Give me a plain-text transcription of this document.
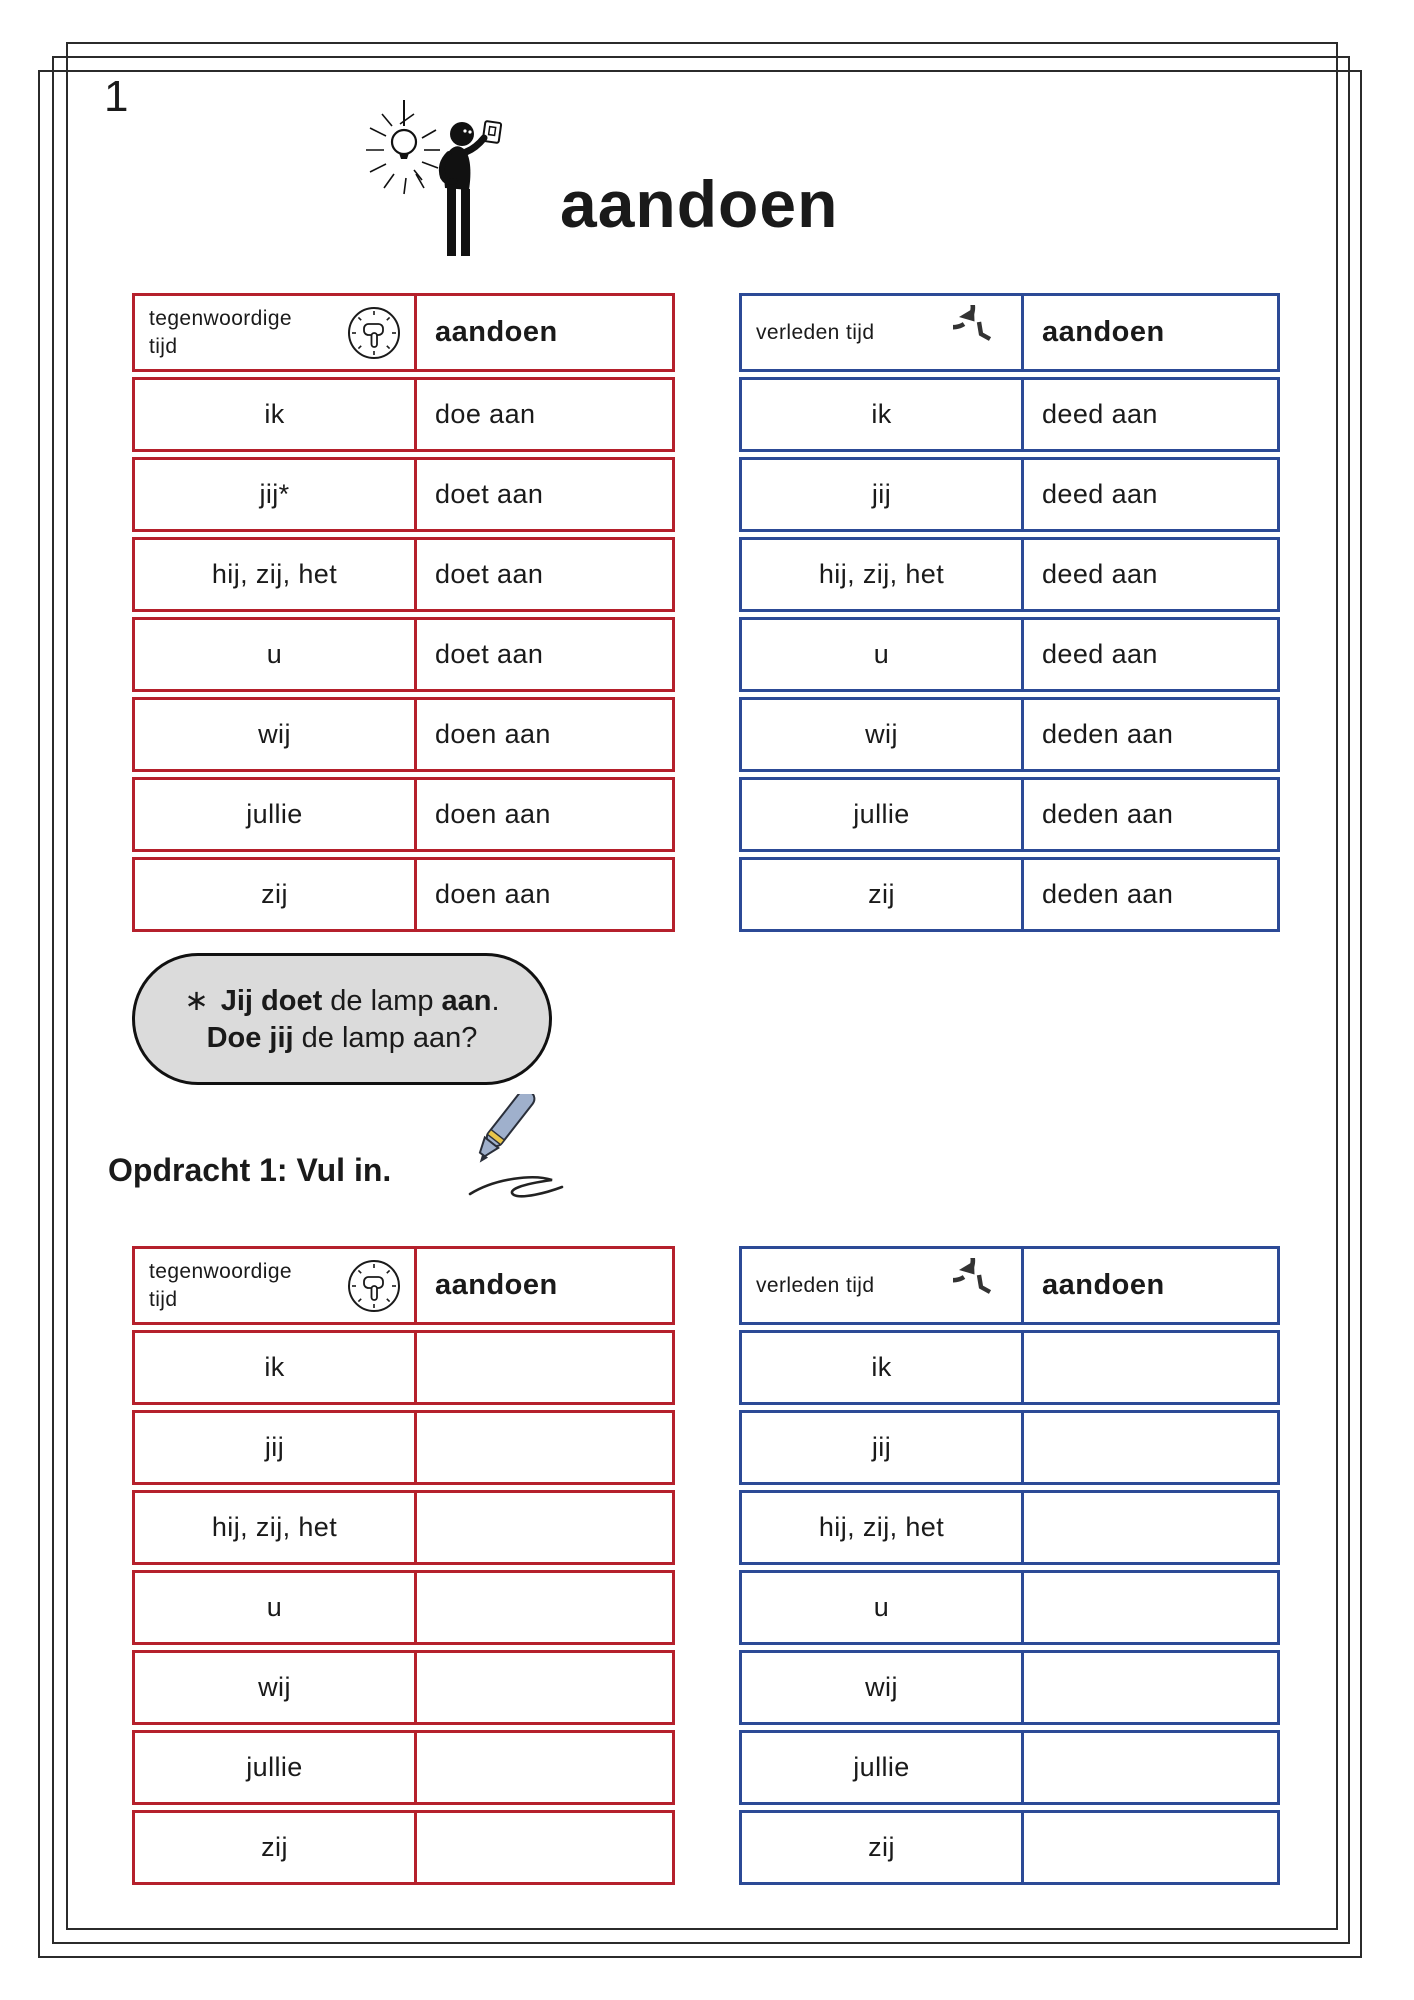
1
aandoen
tegenwoordige tijd	aandoen
ik	doe aan
jij*	doet aan
hij, zij, het	doet aan
u	doet aan
wij	doen aan
jullie	doen aan
zij	doen aan
verleden tijd	aandoen
ik	deed aan
jij	deed aan
hij, zij, het	deed aan
u	deed aan
wij	deden aan
jullie	deden aan
zij	deden aan
∗ Jij doet de lamp aan.
Doe jij de lamp aan?
Opdracht 1: Vul in.
tegenwoordige tijd	aandoen
ik
jij
hij, zij, het
u
wij
jullie
zij
verleden tijd	aandoen
ik
jij
hij, zij, het
u
wij
jullie
zij
